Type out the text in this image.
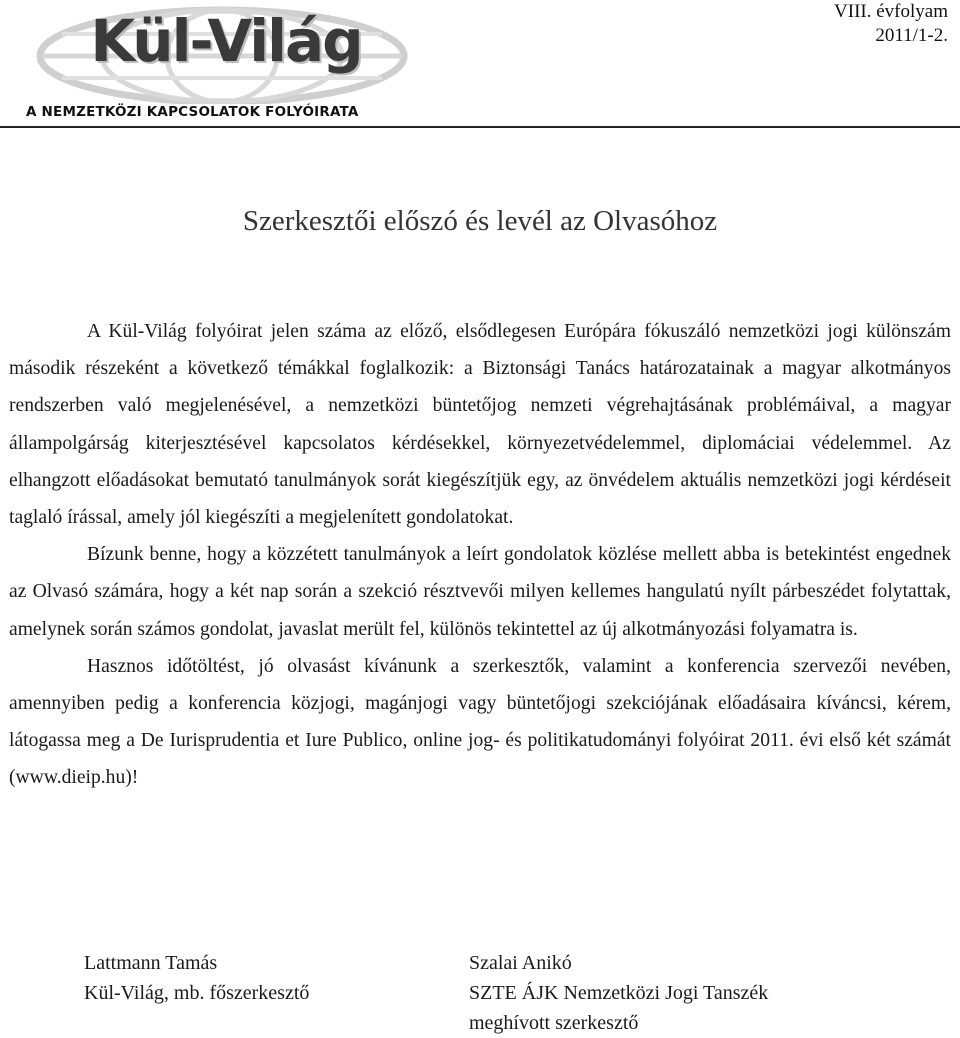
Kül-Világ
A NEMZETKÖZI KAPCSOLATOK FOLYÓIRATA
VIII. évfolyam
2011/1-2.
Szerkesztői előszó és levél az Olvasóhoz

A Kül-Világ folyóirat jelen száma az előző, elsődlegesen Európára fókuszáló nemzetközi jogi különszám második részeként a következő témákkal foglalkozik: a Biztonsági Tanács határozatainak a magyar alkotmányos rendszerben való megjelenésével, a nemzetközi büntetőjog nemzeti végrehajtásának problémáival, a magyar állampolgárság kiterjesztésével kapcsolatos kérdésekkel, környezetvédelemmel, diplomáciai védelemmel. Az elhangzott előadásokat bemutató tanulmányok sorát kiegészítjük egy, az önvédelem aktuális nemzetközi jogi kérdéseit taglaló írással, amely jól kiegészíti a megjelenített gondolatokat.

Bízunk benne, hogy a közzétett tanulmányok a leírt gondolatok közlése mellett abba is betekintést engednek az Olvasó számára, hogy a két nap során a szekció résztvevői milyen kellemes hangulatú nyílt párbeszédet folytattak, amelynek során számos gondolat, javaslat merült fel, különös tekintettel az új alkotmányozási folyamatra is.

Hasznos időtöltést, jó olvasást kívánunk a szerkesztők, valamint a konferencia szervezői nevében, amennyiben pedig a konferencia közjogi, magánjogi vagy büntetőjogi szekciójának előadásaira kíváncsi, kérem, látogassa meg a De Iurisprudentia et Iure Publico, online jog- és politikatudományi folyóirat 2011. évi első két számát (www.dieip.hu)!

Lattmann Tamás
Kül-Világ, mb. főszerkesztő
Szalai Anikó
SZTE ÁJK Nemzetközi Jogi Tanszék
meghívott szerkesztő
